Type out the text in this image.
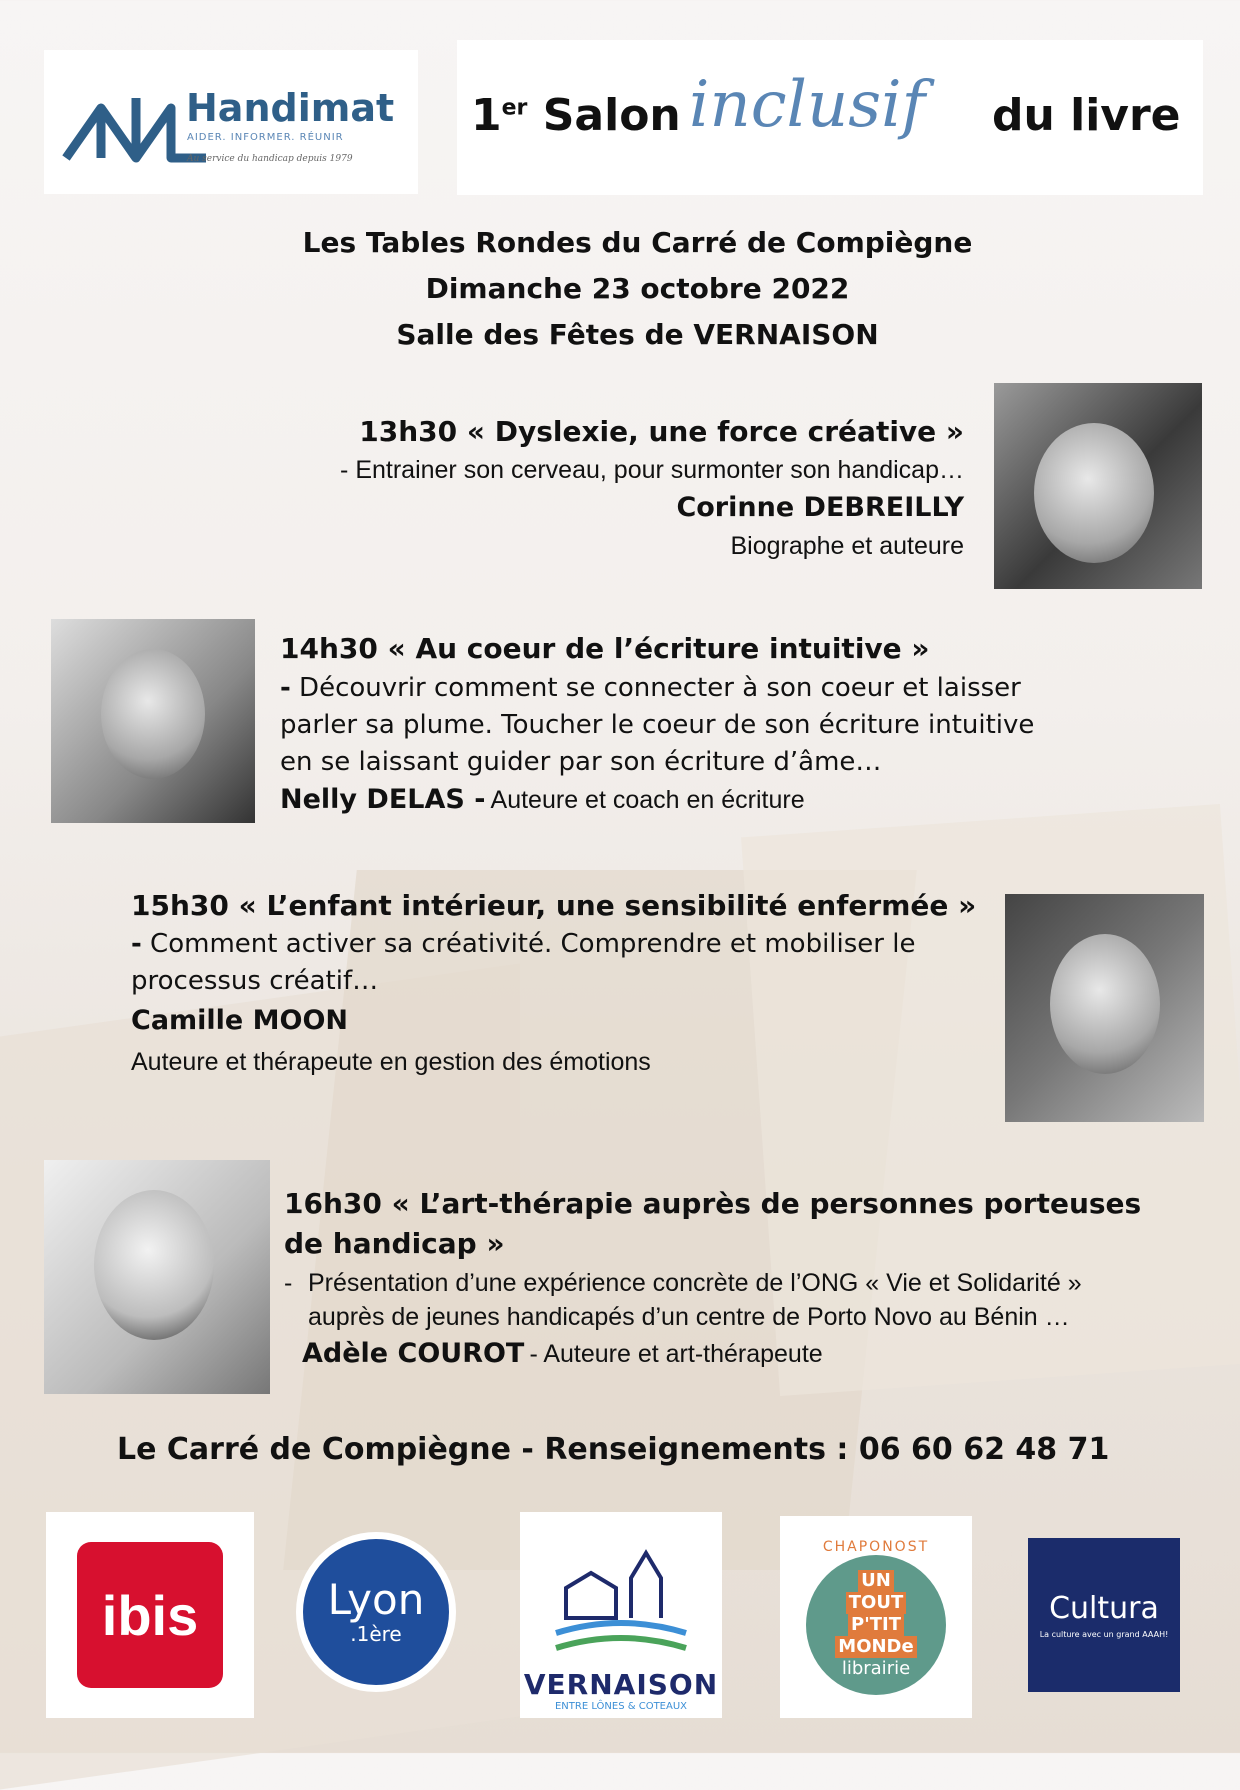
Handimat
AIDER. INFORMER. RÉUNIR
Au service du handicap depuis 1979
1er Salon inclusif du livre
Les Tables Rondes du Carré de Compiègne
Dimanche 23 octobre 2022
Salle des Fêtes de VERNAISON
13h30 « Dyslexie, une force créative »
- Entrainer son cerveau, pour surmonter son handicap…
Corinne DEBREILLY
Biographe et auteure
14h30 « Au coeur de l’écriture intuitive »
- Découvrir comment se connecter à son coeur et laisser parler sa plume. Toucher le coeur de son écriture intuitive en se laissant guider par son écriture d’âme…
Nelly DELAS - Auteure et coach en écriture
15h30 « L’enfant intérieur, une sensibilité enfermée »
- Comment activer sa créativité. Comprendre et mobiliser le processus créatif…
Camille MOON
Auteure et thérapeute en gestion des émotions
16h30 « L’art-thérapie auprès de personnes porteuses de handicap »
- Présentation d’une expérience concrète de l’ONG « Vie et Solidarité » auprès de jeunes handicapés d’un centre de Porto Novo au Bénin …
Adèle COUROT - Auteure et art-thérapeute
Le Carré de Compiègne - Renseignements : 06 60 62 48 71
ibis	Lyon
.1ère
VERNAISON
ENTRE LÔNES & COTEAUX
CHAPONOST
UN
TOUT
P'TIT
MONDe
librairie
Cultura
La culture avec un grand AAAH!
